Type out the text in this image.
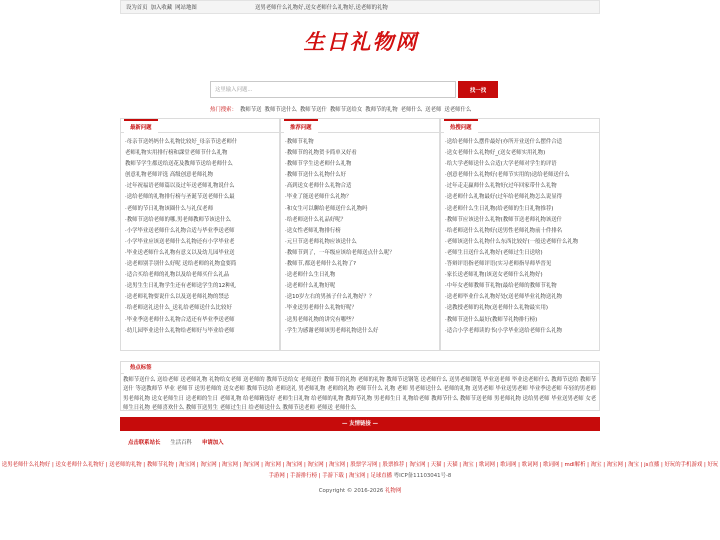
设为首页 加入收藏 网站地图	送男老师什么礼物好,送女老师什么礼物好,送老师的礼物
生日礼物网
这里输入问题...
找一找
热门搜索： 教师节送 教师节送什么 教师节送什 教师节送给女 教师节的礼物 老师什么 送老师 送老师什么
最新问题
·母亲节送妈妈什么礼物比较好_母亲节送老师什
老师礼物实用排行榜和課堂老师节什么礼物
教师节学生都送给送花及教师节送给老师什么
创意礼物老师评选 高级创意老师礼物
·过年祝福语老师篇以及过年送老师礼物说什么
·送给老师的礼物排行榜与圣诞节送老师什么最
·老师的节日礼物该圈什么与礼仪老师
·教师节送给老师的哪,男老师教师节该送什么
·小学毕业送老师什么礼物合适与毕业季送老师
·小学毕业应该送老师什么礼物还有小学毕业老
·毕业送老师什么礼物有意义以及幼儿园毕业送
·送老师别手别什么好呢 送给老师的礼物盒要简
·适合买给老师的礼物以及给老师买什么礼品
·送男生生日礼物学生还有老师送学生的12种礼
·送老师礼物要说什么以及送老师礼物的禁忌
·给老师送礼送什么_送礼给老师送什么比较好
·毕业季送老师什么礼物合适还有毕业季送老师
·幼儿园毕业送什么礼物给老师好与毕业给老师
推荐问题
·教师节礼物
·教师节的礼物贺卡简单又好看
·教师节学生送老师什么礼物
·教师节送什么礼物什么好
·高到送女老师什么礼物合适
·毕业了能送老师什么礼物？
·和女生可以聊给老师送什么礼物吗
·给老师送什么礼品好呢？
·送女性老师礼物排行榜
·元旦节送老师礼物应该送什么
·教师节到了，一年级应该给老师送点什么呢？
·教师节,都送老师什么礼物了?
·送老师什么生日礼物
·送老师什么礼物好呢
·送10岁左右的男孩子什么礼物好？？
·毕业送男老师什么礼物好呢？
·送男老师礼物的讲究有哪些？
·学生为感谢老师该男老师礼物送什么好
热搜问题
·送给老师什么摆件最好(亦所开业送什么摆件合适
·送女老师什么礼物好_(送女老师实用礼物)
·给大学老师送什么合适(大学老师对学生的评语
·创意老师什么礼物好(老师节实用的)送给老师送什么
·过年走走赢师什么礼物好(过年回家带什么礼物
·送老师什么礼物最好(过年给老师礼物怎么说显得
·送老师什么生日礼物(给老师的生日礼物推荐)
·教师节应该送什么礼物(教师节送老师礼物该送什
·给老师送什么礼物好(送男性老师礼物前十件排名
·老师该送什么礼物什么东西比较好(一般送老师什么礼物
·老师生日送什么礼物好(老师过生日送啥)
·答辩评语指老师评语(实习老师指导师毕晋见
·家长送老师礼物(该送女老师什么礼物好)
·中年女老师教师节礼物(最给老师的教师节礼物
·送老师毕业什么礼物好处(送老师毕业礼物送礼物
·送教授老师的礼物(送老师什么礼物最实用)
·教师节送什么最好(教师节礼物排行榜)
·适合小学老师读的书(小学毕业送给老师什么礼物
热点标签
教师节送什么 送给老师 送老师礼物 礼物给女老师 送老师的 教师节送给女 老师送什 教师节的礼物 老师的礼物 教师节送钢笔 送老师什么 送男老师钢笔 毕业送老师 毕业送老师什么 教师节送给 教师节送什 等送教师节 毕业 老师节 送男老师的 送女老师 教师节送给 老师送礼 男老师礼物 老师的礼物 老师节什么 礼物 老师 男老师送什么 老师的礼物 送男老师 毕业送男老师 毕业季送老师 年轻的男老师 男老师礼物 送女老师生日 送老师的生日 老师礼物 给老师精选好 老师生日礼物 给老师的礼物 教师节礼物 男老师生日 礼物给老师 教师节什么 教师节送老师 男老师礼物 送给男老师 毕业送男老师 女老师生日礼物 老师喜欢什么 教师节送男生 老师过生日 给老师送什么 教师节送老师 老师送 老师什么
— 友情链接 —
点击联系站长 生活百科 申请加入
送男老师什么礼物好 | 送女老师什么礼物好 | 送老师的礼物 | 教师节礼物 | 淘宝网 | 淘宝网 | 淘宝网 | 淘宝网 | 淘宝网 | 淘宝网 | 淘宝网 | 淘宝网 | 股票学习网 | 股票推荐 | 淘宝网 | 天猫 | 天猫 | 淘宝 | 歌词网 | 歌词网 | 歌词网 | 歌词网 | mdl解析 | 淘宝 | 淘宝网 | 淘宝 | js直播 | 好玩的手机游戏 | 好玩手游网 | 手游排行榜 | 手游下载 | 淘宝网 | 足球直播 粤ICP备11103041号-8
Copyright © 2016-2026 礼物网
